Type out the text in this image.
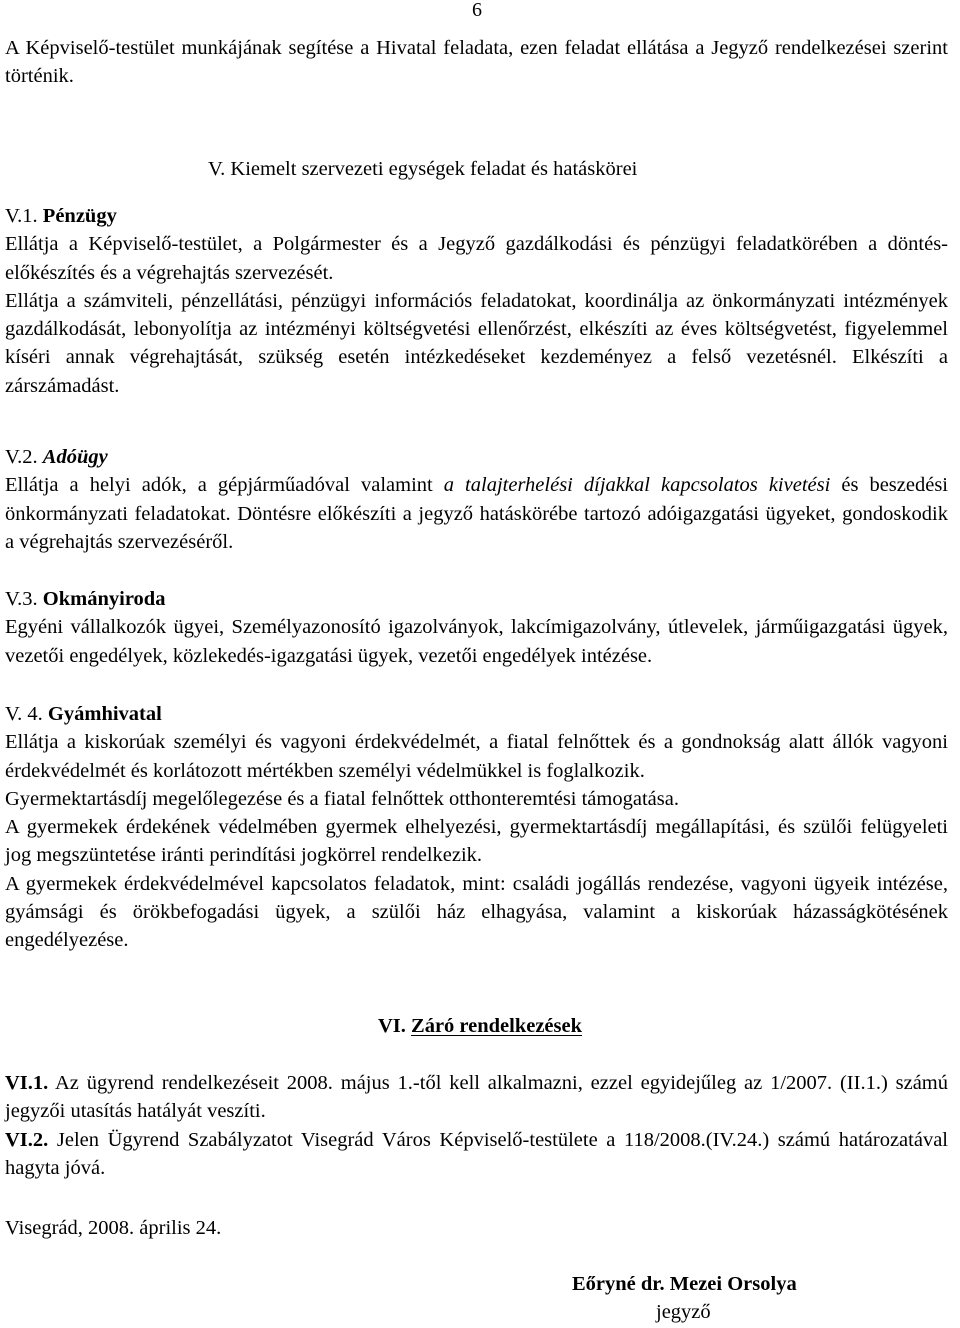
6
A Képviselő-testület munkájának segítése a Hivatal feladata, ezen feladat ellátása a Jegyző rendelkezései szerint történik.
V. Kiemelt szervezeti egységek feladat és hatáskörei
V.1. Pénzügy
Ellátja a Képviselő-testület, a Polgármester és a Jegyző gazdálkodási és pénzügyi feladatkörében a döntés-előkészítés és a végrehajtás szervezését.
Ellátja a számviteli, pénzellátási, pénzügyi információs feladatokat, koordinálja az önkormányzati intézmények gazdálkodását, lebonyolítja az intézményi költségvetési ellenőrzést, elkészíti az éves költségvetést, figyelemmel kíséri annak végrehajtását, szükség esetén intézkedéseket kezdeményez a felső vezetésnél. Elkészíti a zárszámadást.
V.2. Adóügy
Ellátja a helyi adók, a gépjárműadóval valamint a talajterhelési díjakkal kapcsolatos kivetési és beszedési önkormányzati feladatokat. Döntésre előkészíti a jegyző hatáskörébe tartozó adóigazgatási ügyeket, gondoskodik a végrehajtás szervezéséről.
V.3. Okmányiroda
Egyéni vállalkozók ügyei, Személyazonosító igazolványok, lakcímigazolvány, útlevelek, járműigazgatási ügyek, vezetői engedélyek, közlekedés-igazgatási ügyek, vezetői engedélyek intézése.
V. 4. Gyámhivatal
Ellátja a kiskorúak személyi és vagyoni érdekvédelmét, a fiatal felnőttek és a gondnokság alatt állók vagyoni érdekvédelmét és korlátozott mértékben személyi védelmükkel is foglalkozik.
Gyermektartásdíj megelőlegezése és a fiatal felnőttek otthonteremtési támogatása.
A gyermekek érdekének védelmében gyermek elhelyezési, gyermektartásdíj megállapítási, és szülői felügyeleti jog megszüntetése iránti perindítási jogkörrel rendelkezik.
A gyermekek érdekvédelmével kapcsolatos feladatok, mint: családi jogállás rendezése, vagyoni ügyeik intézése, gyámsági és örökbefogadási ügyek, a szülői ház elhagyása, valamint a kiskorúak házasságkötésének engedélyezése.
VI. Záró rendelkezések
VI.1. Az ügyrend rendelkezéseit 2008. május 1.-től kell alkalmazni, ezzel egyidejűleg az 1/2007. (II.1.) számú jegyzői utasítás hatályát veszíti.
VI.2. Jelen Ügyrend Szabályzatot Visegrád Város Képviselő-testülete a 118/2008.(IV.24.) számú határozatával hagyta jóvá.
Visegrád, 2008. április 24.
Eőryné dr. Mezei Orsolya
jegyző
